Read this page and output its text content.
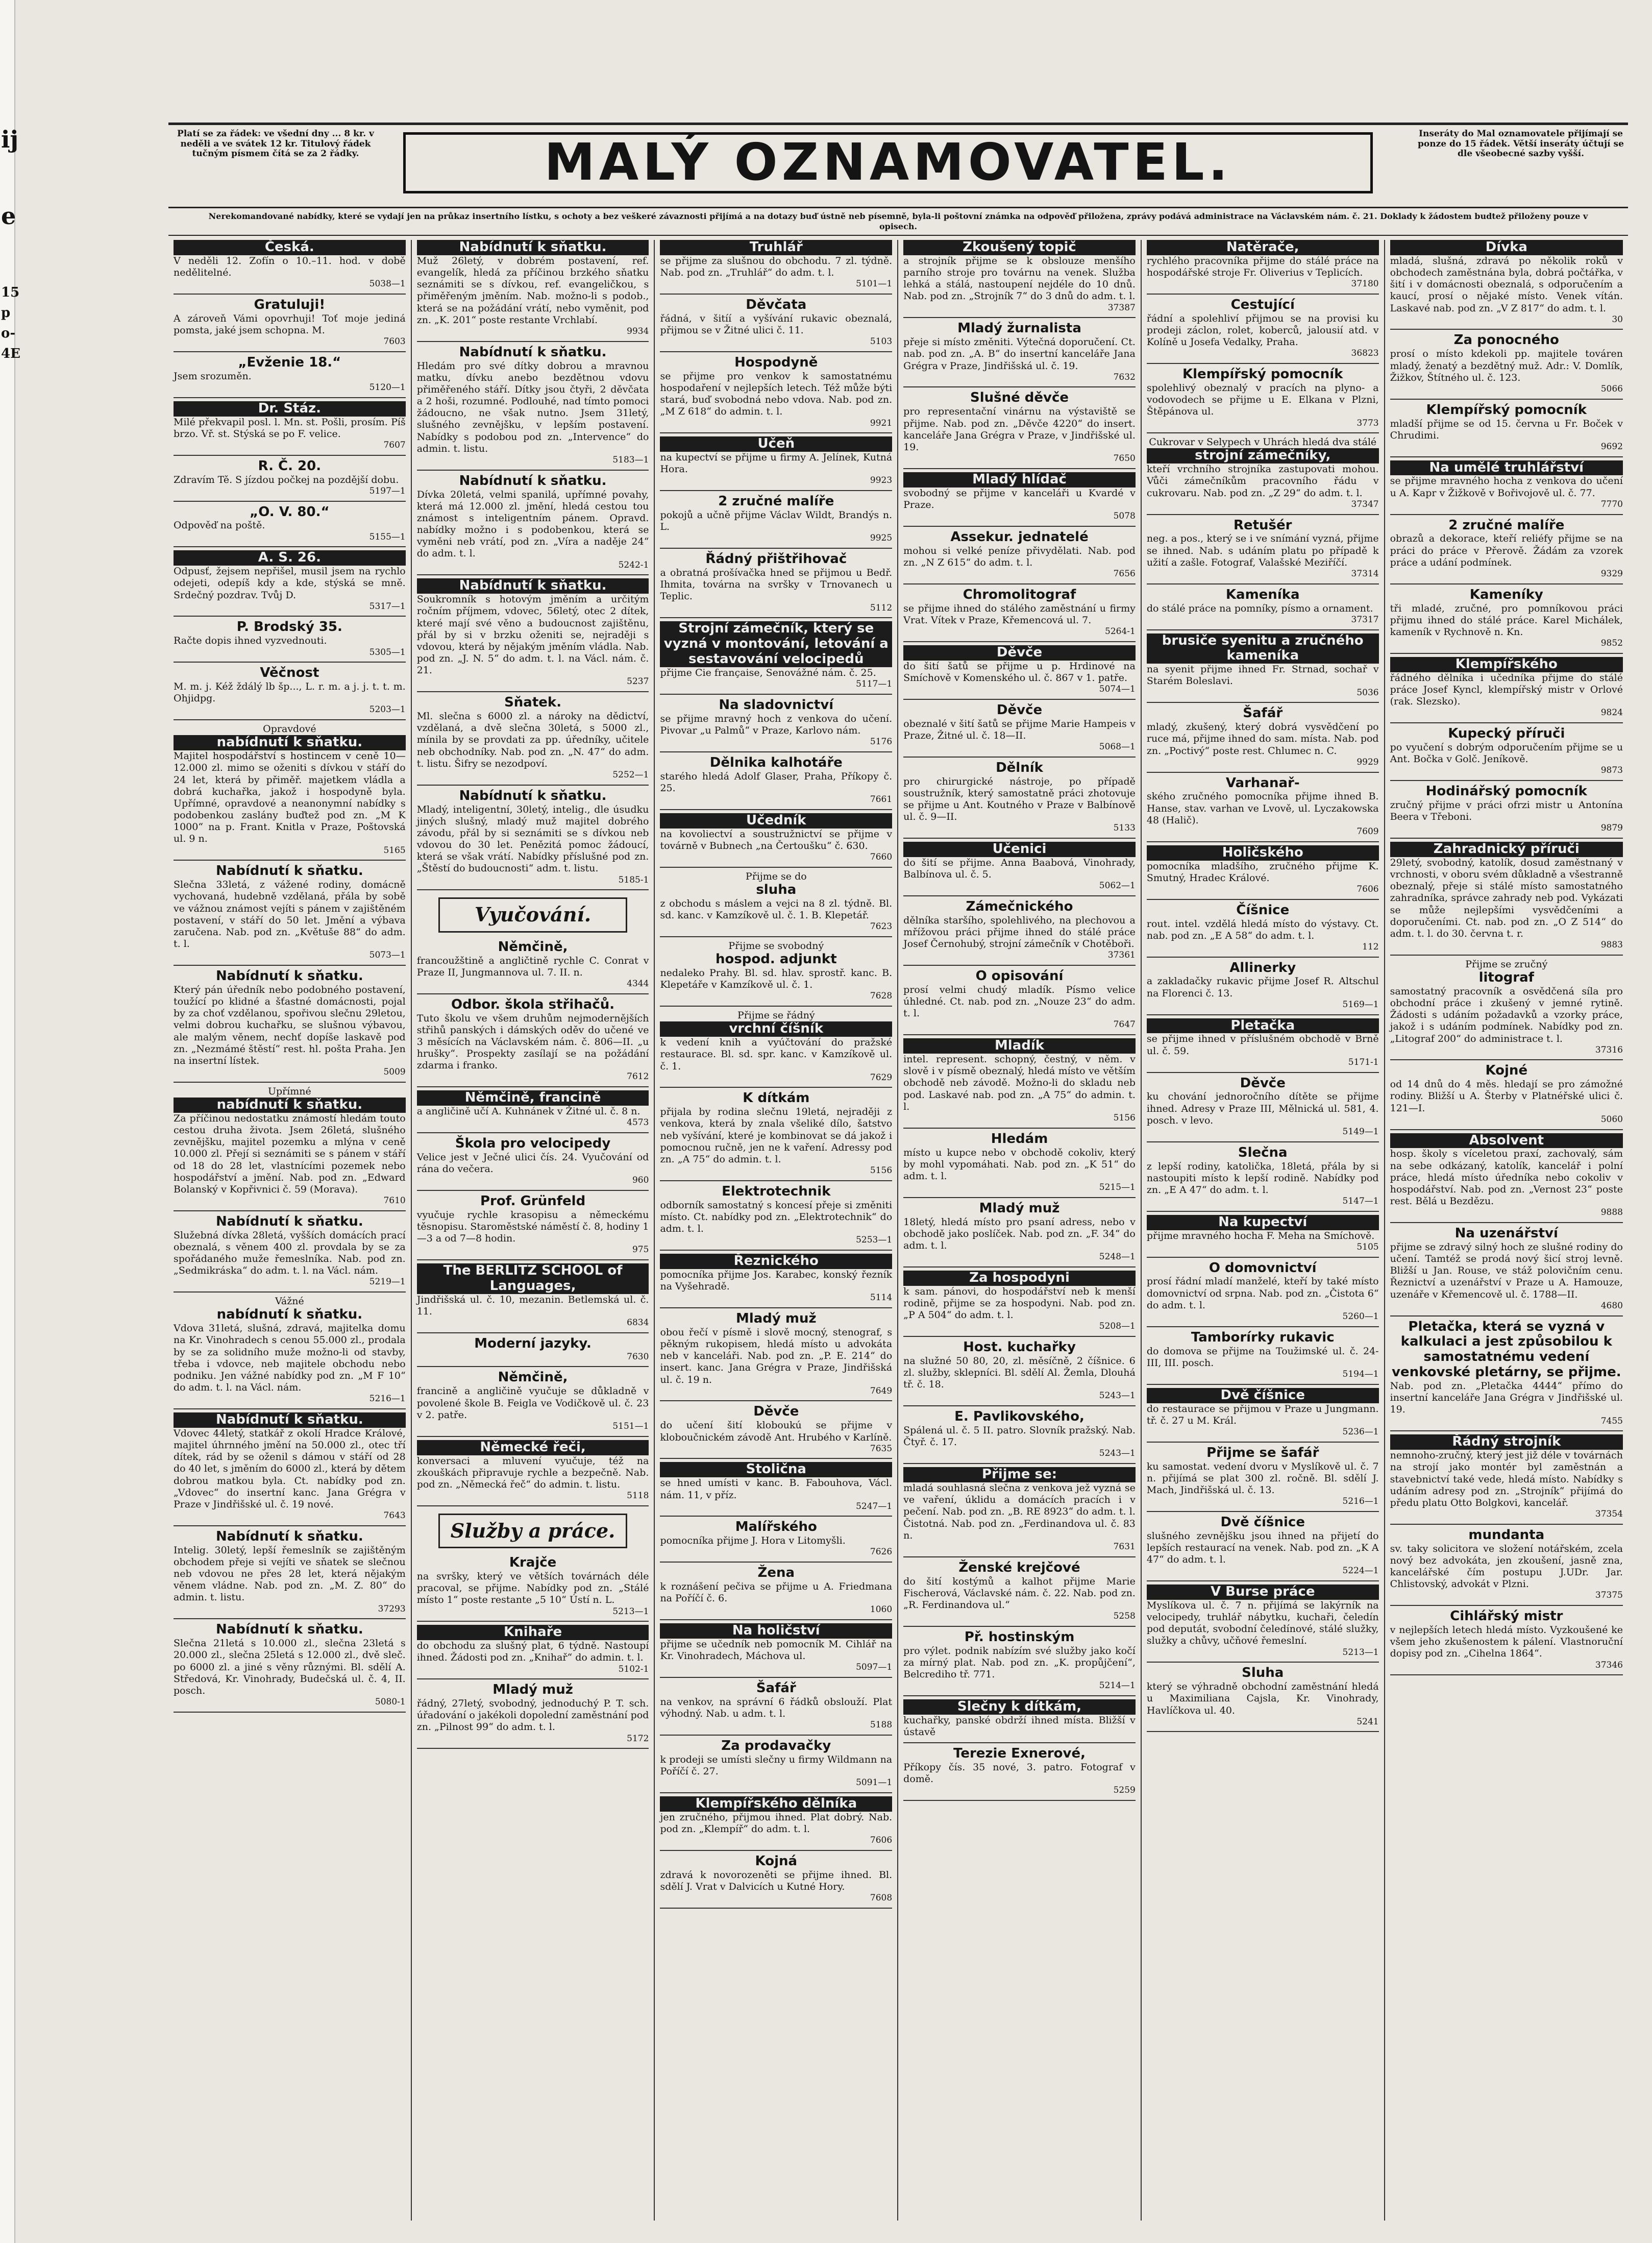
ij
e
15
p
o-
4E
Platí se za řádek: ve všední dny ... 8 kr. v neděli a ve svátek 12 kr. Titulový řádek tučným písmem čítá se za 2 řádky.	MALÝ OZNAMOVATEL.	Inseráty do Mal oznamovatele přijímají se ponze do 15 řádek. Větší inseráty účtují se dle všeobecné sazby vyšší.
Nerekomandované nabídky, které se vydají jen na průkaz insertního lístku, s ochoty a bez veškeré závaznosti přijímá a na dotazy buď ústně neb písemně, byla-li poštovní známka na odpověď přiložena, zprávy podává administrace na Václavském nám. č. 21. Doklady k žádostem budtež přiloženy pouze v opisech.
Česká.
V neděli 12. Zofín o 10.–11. hod. v době nedělitelné.
5038—1
Gratuluji!
A zároveň Vámi opovrhuji! Toť moje jediná pomsta, jaké jsem schopna. M.
7603
„Evženie 18.“
Jsem srozuměn.
5120—1
Dr. Stáz.
Milé překvapil posl. l. Mn. st. Pošli, prosím. Píš brzo. Vř. st. Stýská se po F. velice.
7607
R. Č. 20.
Zdravím Tě. S jízdou počkej na pozdější dobu.
5197—1
„O. V. 80.“
Odpověď na poště.
5155—1
A. S. 26.
Odpusť, žejsem nepřišel, musil jsem na rychlo odejeti, odepíš kdy a kde, stýská se mně. Srdečný pozdrav. Tvůj D.
5317—1
P. Brodský 35.
Račte dopis ihned vyzvednouti.
5305—1
Věčnost
M. m. j. Kéž ždálý lb šp..., L. r. m. a j. j. t. t. m. Ohjidpg.
5203—1
Opravdové
nabídnutí k sňatku.
Majitel hospodářství s hostincem v ceně 10—12.000 zl. mimo se oženiti s dívkou v stáří do 24 let, která by přiměř. majetkem vládla a dobrá kuchařka, jakož i hospodyně byla. Upřímné, opravdové a neanonymní nabídky s podobenkou zaslány buďtež pod zn. „M K 1000“ na p. Frant. Knitla v Praze, Poštovská ul. 9 n.
5165
Nabídnutí k sňatku.
Slečna 33letá, z vážené rodiny, domácně vychovaná, hudebně vzdělaná, přála by sobě ve vážnou známost vejíti s pánem v zajištěném postavení, v stáří do 50 let. Jmění a výbava zaručena. Nab. pod zn. „Květuše 88“ do adm. t. l.
5073—1
Nabídnutí k sňatku.
Který pán úředník nebo podobného postavení, toužící po klidné a šťastné domácnosti, pojal by za choť vzdělanou, spořivou slečnu 29letou, velmi dobrou kuchařku, se slušnou výbavou, ale malým věnem, nechť dopíše laskavě pod zn. „Nezmámé štěstí“ rest. hl. pošta Praha. Jen na insertní lístek.
5009
Upřímné
nabídnutí k sňatku.
Za příčinou nedostatku známostí hledám touto cestou druha života. Jsem 26letá, slušného zevnějšku, majitel pozemku a mlýna v ceně 10.000 zl. Přejí si seznámiti se s pánem v stáří od 18 do 28 let, vlastnícími pozemek nebo hospodářství a jmění. Nab. pod zn. „Edward Bolanský v Kopřivnici č. 59 (Morava).
7610
Nabídnutí k sňatku.
Služebná dívka 28letá, vyšších domácích prací obeznalá, s věnem 400 zl. provdala by se za spořádaného muže řemeslníka. Nab. pod zn. „Sedmikráska“ do adm. t. l. na Václ. nám.
5219—1
Vážné
nabídnutí k sňatku.
Vdova 31letá, slušná, zdravá, majitelka domu na Kr. Vinohradech s cenou 55.000 zl., prodala by se za solidního muže možno-li od stavby, třeba i vdovce, neb majitele obchodu nebo podniku. Jen vážné nabídky pod zn. „M F 10“ do adm. t. l. na Václ. nám.
5216—1
Nabídnutí k sňatku.
Vdovec 44letý, statkář z okolí Hradce Králové, majitel úhrnného jmění na 50.000 zl., otec tří dítek, rád by se oženil s dámou v stáří od 28 do 40 let, s jměním do 6000 zl., která by dětem dobrou matkou byla. Ct. nabídky pod zn. „Vdovec“ do insertní kanc. Jana Grégra v Praze v Jindřišské ul. č. 19 nové.
7643
Nabídnutí k sňatku.
Intelig. 30letý, lepší řemeslník se zajištěným obchodem přeje si vejíti ve sňatek se slečnou neb vdovou ne přes 28 let, která nějakým věnem vládne. Nab. pod zn. „M. Z. 80“ do admin. t. listu.
37293
Nabídnutí k sňatku.
Slečna 21letá s 10.000 zl., slečna 23letá s 20.000 zl., slečna 25letá s 12.000 zl., dvě sleč. po 6000 zl. a jiné s věny různými. Bl. sdělí A. Středová, Kr. Vinohrady, Budečská ul. č. 4, II. posch.
5080-1
Nabídnutí k sňatku.
Muž 26letý, v dobrém postavení, ref. evangelík, hledá za příčinou brzkého sňatku seznámiti se s dívkou, ref. evangeličkou, s přiměřeným jměním. Nab. možno-li s podob., která se na požádání vrátí, nebo vyměnit, pod zn. „K. 201“ poste restante Vrchlabí.
9934
Nabídnutí k sňatku.
Hledám pro své dítky dobrou a mravnou matku, dívku anebo bezdětnou vdovu přiměřeného stáří. Dítky jsou čtyři, 2 děvčata a 2 hoši, rozumné. Podlouhé, nad tímto pomoci žádoucno, ne však nutno. Jsem 31letý, slušného zevnějšku, v lepším postavení. Nabídky s podobou pod zn. „Intervence“ do admin. t. listu.
5183—1
Nabídnutí k sňatku.
Dívka 20letá, velmi spanilá, upřímné povahy, která má 12.000 zl. jmění, hledá cestou tou známost s inteligentním pánem. Opravd. nabídky možno i s podobenkou, která se vyměni neb vrátí, pod zn. „Víra a naděje 24“ do adm. t. l.
5242-1
Nabídnutí k sňatku.
Soukromník s hotovým jměním a určitým ročním příjmem, vdovec, 56letý, otec 2 dítek, které mají své věno a budoucnost zajištěnu, přál by si v brzku oženiti se, nejraději s vdovou, která by nějakým jměním vládla. Nab. pod zn. „J. N. 5“ do adm. t. l. na Václ. nám. č. 21.
5237
Sňatek.
Ml. slečna s 6000 zl. a nároky na dědictví, vzdělaná, a dvě slečna 30letá, s 5000 zl., mínila by se provdati za pp. úředníky, učitele neb obchodníky. Nab. pod zn. „N. 47“ do adm. t. listu. Šifry se nezodpoví.
5252—1
Nabídnutí k sňatku.
Mladý, inteligentní, 30letý, intelig., dle úsudku jiných slušný, mladý muž majitel dobrého závodu, přál by si seznámiti se s dívkou neb vdovou do 30 let. Penězitá pomoc žádoucí, která se však vrátí. Nabídky příslušné pod zn. „Štěstí do budoucnosti“ adm. t. listu.
5185-1
Vyučování.
Němčině,
francoužštině a angličtině rychle C. Conrat v Praze II, Jungmannova ul. 7. II. n.
4344
Odbor. škola střihačů.
Tuto školu ve všem druhům nejmodernějších střihů panských i dámských oděv do učené ve 3 měsících na Václavském nám. č. 806—II. „u hrušky“. Prospekty zasílají se na požádání zdarma i franko.
7612
Němčině, francině
a angličině učí A. Kuhnánek v Žitné ul. č. 8 n.
4573
Škola pro velocipedy
Velice jest v Ječné ulici čís. 24. Vyučování od rána do večera.
960
Prof. Grünfeld
vyučuje rychle krasopisu a německému těsnopisu. Staroměstské náměstí č. 8, hodiny 1—3 a od 7—8 hodin.
975
The BERLITZ SCHOOL of Languages,
Jindřišská ul. č. 10, mezanin. Betlemská ul. č. 11.
6834
Moderní jazyky.
7630
Němčině,
francině a angličině vyučuje se důkladně v povolené škole B. Feigla ve Vodičkově ul. č. 23 v 2. patře.
5151—1
Německé řeči,
konversaci a mluvení vyučuje, též na zkouškách připravuje rychle a bezpečně. Nab. pod zn. „Německá řeč“ do admin. t. listu.
5118
Služby a práce.
Krajče
na svršky, který ve větších továrnách déle pracoval, se přijme. Nabídky pod zn. „Stálé místo 1“ poste restante „5 10“ Ústí n. L.
5213—1
Knihaře
do obchodu za slušný plat, 6 týdně. Nastoupí ihned. Žádosti pod zn. „Knihař“ do admin. t. l.
5102-1
Mladý muž
řádný, 27letý, svobodný, jednoduchý P. T. sch. úřadování o jakékoli dopolední zaměstnání pod zn. „Pilnost 99“ do adm. t. l.
5172
Truhlář
se přijme za slušnou do obchodu. 7 zl. týdně. Nab. pod zn. „Truhlář“ do adm. t. l.
5101—1
Děvčata
řádná, v šitíí a vyšívání rukavic obeznalá, přijmou se v Žitné ulici č. 11.
5103
Hospodyně
se přijme pro venkov k samostatnému hospodaření v nejlepších letech. Též může býti stará, buď svobodná nebo vdova. Nab. pod zn. „M Z 618“ do admin. t. l.
9921
Učeň
na kupectví se přijme u firmy A. Jelínek, Kutná Hora.
9923
2 zručné malíře
pokojů a učně přijme Václav Wildt, Brandýs n. L.
9925
Řádný přištřihovač
a obratná prošívačka hned se přijmou u Bedř. Ihmita, továrna na svršky v Trnovanech u Teplic.
5112
Strojní zámečník, který se vyzná v montování, letování a sestavování velocipedů
přijme Cie française, Senovážné nám. č. 25.
5117—1
Na sladovnictví
se přijme mravný hoch z venkova do učení. Pivovar „u Palmů“ v Praze, Karlovo nám.
5176
Dělnika kalhotáře
starého hledá Adolf Glaser, Praha, Příkopy č. 25.
7661
Učedník
na kovoliectví a soustružnictví se přijme v továrně v Bubnech „na Čertoušku“ č. 630.
7660
Přijme se do
sluha
z obchodu s máslem a vejci na 8 zl. týdně. Bl. sd. kanc. v Kamzíkově ul. č. 1. B. Klepetář.
7623
Přijme se svobodný
hospod. adjunkt
nedaleko Prahy. Bl. sd. hlav. sprostř. kanc. B. Klepetáře v Kamzíkově ul. č. 1.
7628
Přijme se řádný
vrchní číšník
k vedení knih a vyúčtování do pražské restaurace. Bl. sd. spr. kanc. v Kamzíkově ul. č. 1.
7629
K dítkám
přijala by rodina slečnu 19letá, nejraději z venkova, která by znala všeliké dílo, šatstvo neb vyšívání, které je kombinovat se dá jakož i pomocnou ručně, jen ne k vaření. Adressy pod zn. „A 75“ do admin. t. l.
5156
Elektrotechnik
odborník samostatný s koncesí přeje si změniti místo. Ct. nabídky pod zn. „Elektrotechnik“ do adm. t. l.
5253—1
Řeznického
pomocníka přijme Jos. Karabec, konský řezník na Vyšehradě.
5114
Mladý muž
obou řečí v písmě i slově mocný, stenograf, s pěkným rukopisem, hledá místo u advokáta neb v kanceláři. Nab. pod zn. „P. E. 214“ do insert. kanc. Jana Grégra v Praze, Jindřišská ul. č. 19 n.
7649
Děvče
do učení šití kloboukú se přijme v kloboučnickém závodě Ant. Hrubého v Karlíně.
7635
Stolična
se hned umísti v kanc. B. Fabouhova, Václ. nám. 11, v příz.
5247—1
Malířského
pomocníka přijme J. Hora v Litomyšli.
7626
Žena
k roznášení pečiva se přijme u A. Friedmana na Poříčí č. 6.
1060
Na holičství
přijme se učedník neb pomocník M. Cihlář na Kr. Vinohradech, Máchova ul.
5097—1
Šafář
na venkov, na správní 6 řádků obslouží. Plat výhodný. Nab. u adm. t. l.
5188
Za prodavačky
k prodeji se umísti slečny u firmy Wildmann na Poříčí č. 27.
5091—1
Klempířského dělníka
jen zručného, přijmou ihned. Plat dobrý. Nab. pod zn. „Klempíř“ do adm. t. l.
7606
Kojná
zdravá k novorozeněti se přijme ihned. Bl. sdělí J. Vrat v Dalvicích u Kutné Hory.
7608
Zkoušený topič
a strojník přijme se k obslouze menšího parního stroje pro továrnu na venek. Služba lehká a stálá, nastoupení nejdéle do 10 dnů. Nab. pod zn. „Strojník 7“ do 3 dnů do adm. t. l.
37387
Mladý žurnalista
přeje si místo změniti. Výtečná doporučení. Ct. nab. pod zn. „A. B“ do insertní kanceláře Jana Grégra v Praze, Jindřišská ul. č. 19.
7632
Slušné děvče
pro representační vinárnu na výstaviště se přijme. Nab. pod zn. „Děvče 4220“ do insert. kanceláře Jana Grégra v Praze, v Jindřišské ul. 19.
7650
Mladý hlídač
svobodný se přijme v kanceláři u Kvardé v Praze.
5078
Assekur. jednatelé
mohou si velké peníze přivydělati. Nab. pod zn. „N Z 615“ do adm. t. l.
7656
Chromolitograf
se přijme ihned do stálého zaměstnání u firmy Vrat. Vítek v Praze, Křemencová ul. 7.
5264-1
Děvče
do šití šatů se přijme u p. Hrdinové na Smíchově v Komenského ul. č. 867 v 1. patře.
5074—1
Děvče
obeznalé v šití šatů se přijme Marie Hampeis v Praze, Žitné ul. č. 18—II.
5068—1
Dělník
pro chirurgické nástroje, po případě soustružník, který samostatně práci zhotovuje se přijme u Ant. Koutného v Praze v Balbínově ul. č. 9—II.
5133
Učenici
do šití se přijme. Anna Baabová, Vinohrady, Balbínova ul. č. 5.
5062—1
Zámečnického
dělníka staršího, spolehlivého, na plechovou a mřížovou práci přijme ihned do stálé práce Josef Černohubý, strojní zámečník v Chotěboři.
37361
O opisování
prosí velmi chudý mladík. Písmo velice úhledné. Ct. nab. pod zn. „Nouze 23“ do adm. t. l.
7647
Mladík
intel. represent. schopný, čestný, v něm. v slově i v písmě obeznalý, hledá místo ve větším obchodě neb závodě. Možno-li do skladu neb pod. Laskavé nab. pod zn. „A 75“ do admin. t. l.
5156
Hledám
místo u kupce nebo v obchodě cokoliv, který by mohl vypomáhati. Nab. pod zn. „K 51“ do adm. t. l.
5215—1
Mladý muž
18letý, hledá místo pro psaní adress, nebo v obchodě jako poslíček. Nab. pod zn. „F. 34“ do adm. t. l.
5248—1
Za hospodyni
k sam. pánovi, do hospodářství neb k menší rodině, přijme se za hospodyni. Nab. pod zn. „P A 504“ do adm. t. l.
5208—1
Host. kuchařky
na služné 50 80, 20, zl. měsíčně, 2 číšnice. 6 zl. služby, sklepníci. Bl. sdělí Al. Žemla, Dlouhá tř. č. 18.
5243—1
E. Pavlikovského,
Spálená ul. č. 5 II. patro. Slovník pražský. Nab. Čtyř. č. 17.
5243—1
Přijme se:
mladá souhlasná slečna z venkova jež vyzná se ve vaření, úklidu a domácích pracích i v pečení. Nab. pod zn. „B. RE 8923“ do adm. t. l. Čistotná. Nab. pod zn. „Ferdinandova ul. č. 83 n.
7631
Ženské krejčové
do šití kostýmů a kalhot přijme Marie Fischerová, Václavské nám. č. 22. Nab. pod zn. „R. Ferdinandova ul.“
5258
Př. hostinským
pro výlet. podnik nabízím své služby jako kočí za mírný plat. Nab. pod zn. „K. propůjčení“, Belcrediho tř. 771.
5214—1
Slečny k dítkám,
kuchařky, panské obdrží ihned místa. Bližší v ústavě
Terezie Exnerové,
Příkopy čís. 35 nové, 3. patro. Fotograf v domě.
5259
Natěrače,
rychlého pracovníka přijme do stálé práce na hospodářské stroje Fr. Oliverius v Teplicích.
37180
Cestující
řádní a spolehliví přijmou se na provisi ku prodeji záclon, rolet, koberců, jalousií atd. v Kolíně u Josefa Vedalky, Praha.
36823
Klempířský pomocník
spolehlivý obeznalý v pracích na plyno- a vodovodech se přijme u E. Elkana v Plzni, Štěpánova ul.
3773
Cukrovar v Selypech v Uhrách hledá dva stálé
strojní zámečníky,
kteří vrchního strojníka zastupovati mohou. Vůči zámečníkům pracovního řádu v cukrovaru. Nab. pod zn. „Z 29“ do adm. t. l.
37347
Retušér
neg. a pos., který se i ve snímání vyzná, přijme se ihned. Nab. s udáním platu po případě k užití a zašle. Fotograf, Valašské Meziříčí.
37314
Kameníka
do stálé práce na pomníky, písmo a ornament.
37317
brusiče syenitu a zručného kameníka
na syenit přijme ihned Fr. Strnad, sochař v Starém Boleslavi.
5036
Šafář
mladý, zkušený, který dobrá vysvědčení po ruce má, přijme ihned do sam. místa. Nab. pod zn. „Poctivý“ poste rest. Chlumec n. C.
9929
Varhanař-
ského zručného pomocníka přijme ihned B. Hanse, stav. varhan ve Lvově, ul. Lyczakowska 48 (Halič).
7609
Holičského
pomocníka mladšího, zručného přijme K. Smutný, Hradec Králové.
7606
Číšnice
rout. intel. vzdělá hledá místo do výstavy. Ct. nab. pod zn. „E A 58“ do adm. t. l.
112
Allinerky
a zakladačky rukavic přijme Josef R. Altschul na Florenci č. 13.
5169—1
Pletačka
se přijme ihned v příslušném obchodě v Brně ul. č. 59.
5171-1
Děvče
ku chování jednoročního dítěte se přijme ihned. Adresy v Praze III, Mělnická ul. 581, 4. posch. v levo.
5149—1
Slečna
z lepší rodiny, katolička, 18letá, přála by si nastoupiti místo k lepší rodině. Nabídky pod zn. „E A 47“ do adm. t. l.
5147—1
Na kupectví
přijme mravného hocha F. Meha na Smíchově.
5105
O domovnictví
prosí řádní mladí manželé, kteří by také místo domovnictví od srpna. Nab. pod zn. „Čistota 6“ do adm. t. l.
5260—1
Tamborírky rukavic
do domova se přijme na Toužimské ul. č. 24-III, III. posch.
5194—1
Dvě číšnice
do restaurace se přijmou v Praze u Jungmann. tř. č. 27 u M. Král.
5236—1
Přijme se šafář
ku samostat. vedení dvoru v Myslíkově ul. č. 7 n. přijímá se plat 300 zl. ročně. Bl. sdělí J. Mach, Jindřišská ul. č. 13.
5216—1
Dvě číšnice
slušného zevnějšku jsou ihned na přijetí do lepších restaurací na venek. Nab. pod zn. „K A 47“ do adm. t. l.
5224—1
V Burse práce
Myslíkova ul. č. 7 n. přijímá se lakýrník na velocipedy, truhlář nábytku, kuchaři, čeledín pod deputát, svobodní čeledínové, stálé služky, služky a chůvy, učňové řemeslní.
5213—1
Sluha
který se výhradně obchodní zaměstnání hledá u Maximiliana Cajsla, Kr. Vinohrady, Havlíčkova ul. 40.
5241
Dívka
mladá, slušná, zdravá po několik roků v obchodech zaměstnána byla, dobrá počtářka, v šití i v domácnosti obeznalá, s odporučením a kaucí, prosí o nějaké místo. Venek vítán. Laskavé nab. pod zn. „V Z 817“ do adm. t. l.
30
Za ponocného
prosí o místo kdekoli pp. majitele továren mladý, ženatý a bezdětný muž. Adr.: V. Domlík, Žižkov, Štítného ul. č. 123.
5066
Klempířský pomocník
mladší přijme se od 15. června u Fr. Boček v Chrudimi.
9692
Na umělé truhlářství
se přijme mravného hocha z venkova do učení u A. Kapr v Žižkově v Bořivojově ul. č. 77.
7770
2 zručné malíře
obrazů a dekorace, kteří reliéfy přijme se na práci do práce v Přerově. Žádám za vzorek práce a udání podmínek.
9329
Kameníky
tři mladé, zručné, pro pomníkovou práci přijmu ihned do stálé práce. Karel Michálek, kameník v Rychnově n. Kn.
9852
Klempířského
řádného dělníka i učedníka přijme do stálé práce Josef Kyncl, klempířský mistr v Orlové (rak. Slezsko).
9824
Kupecký příruči
po vyučení s dobrým odporučením přijme se u Ant. Bočka v Golč. Jeníkově.
9873
Hodinářský pomocník
zručný přijme v práci ofrzi mistr u Antonína Beera v Třeboni.
9879
Zahradnický příruči
29letý, svobodný, katolík, dosud zaměstnaný v vrchnosti, v oboru svém důkladně a všestranně obeznalý, přeje si stálé místo samostatného zahradníka, správce zahrady neb pod. Vykázati se může nejlepšími vysvědčeními a doporučeními. Ct. nab. pod zn. „O Z 514“ do adm. t. l. do 30. června t. r.
9883
Přijme se zručný
litograf
samostatný pracovník a osvědčená síla pro obchodní práce i zkušený v jemné rytině. Žádosti s udáním požadavků a vzorky práce, jakož i s udáním podmínek. Nabídky pod zn. „Litograf 200“ do administrace t. l.
37316
Kojné
od 14 dnů do 4 měs. hledají se pro zámožné rodiny. Bližší u A. Šterby v Platnéřské ulici č. 121—I.
5060
Absolvent
hosp. školy s víceletou praxí, zachovalý, sám na sebe odkázaný, katolík, kancelář i polní práce, hledá místo úředníka nebo cokoliv v hospodářství. Nab. pod zn. „Vernost 23“ poste rest. Bělá u Bezdězu.
9888
Na uzenářství
přijme se zdravý silný hoch ze slušné rodiny do učení. Tamtéž se prodá nový šicí stroj levně. Bližší u Jan. Rouse, ve stáž polovičním cenu. Řeznictví a uzenářství v Praze u A. Hamouze, uzenáře v Křemencově ul. č. 1788—II.
4680
Pletačka, která se vyzná v kalkulaci a jest způsobilou k samostatnému vedení venkovské pletárny, se přijme.
Nab. pod zn. „Pletačka 4444“ přímo do insertní kanceláře Jana Grégra v Jindřišské ul. 19.
7455
Řádný strojník
nemnoho-zručný, který jest již déle v továrnách na strojí jako montér byl zaměstnán a stavebnictví také vede, hledá místo. Nabídky s udáním adresy pod zn. „Strojník“ přijímá do předu platu Otto Bolgkovi, kancelář.
37354
mundanta
sv. taky solicitora ve složení notářském, zcela nový bez advokáta, jen zkoušení, jasně zna, kancelářské čím postupu J.UDr. Jar. Chlistovský, advokát v Plzni.
37375
Cihlářský mistr
v nejlepších letech hledá místo. Vyzkoušené ke všem jeho zkušenostem k pálení. Vlastnoruční dopisy pod zn. „Cihelna 1864“.
37346
